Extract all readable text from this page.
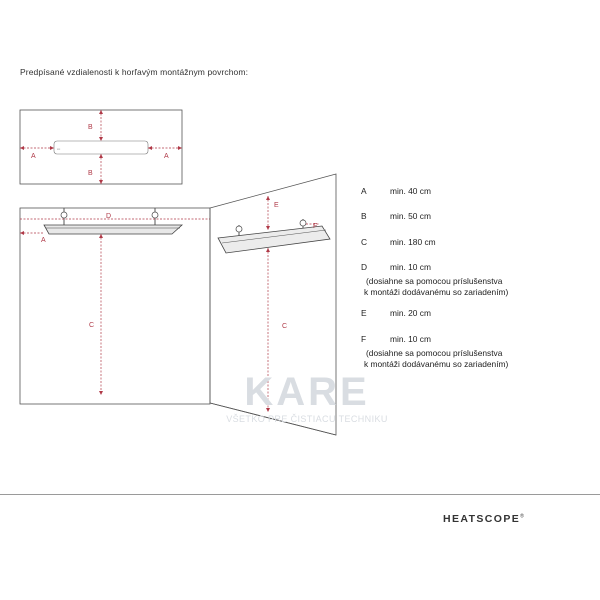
Predpísané vzdialenosti k horľavým montážnym povrchom:
▪▪▪
A	A
B
B
D
A
C
E
F
C
KARE
VŠETKO PRE ČISTIACU TECHNIKU
A	min. 40 cm
B	min. 50 cm
C	min. 180 cm
D	min. 10 cm
(dosiahne sa pomocou príslušenstva
k montáži dodávanému so zariadením)
E	min. 20 cm
F	min. 10 cm
(dosiahne sa pomocou príslušenstva
k montáži dodávanému so zariadením)
HEATSCOPE®
